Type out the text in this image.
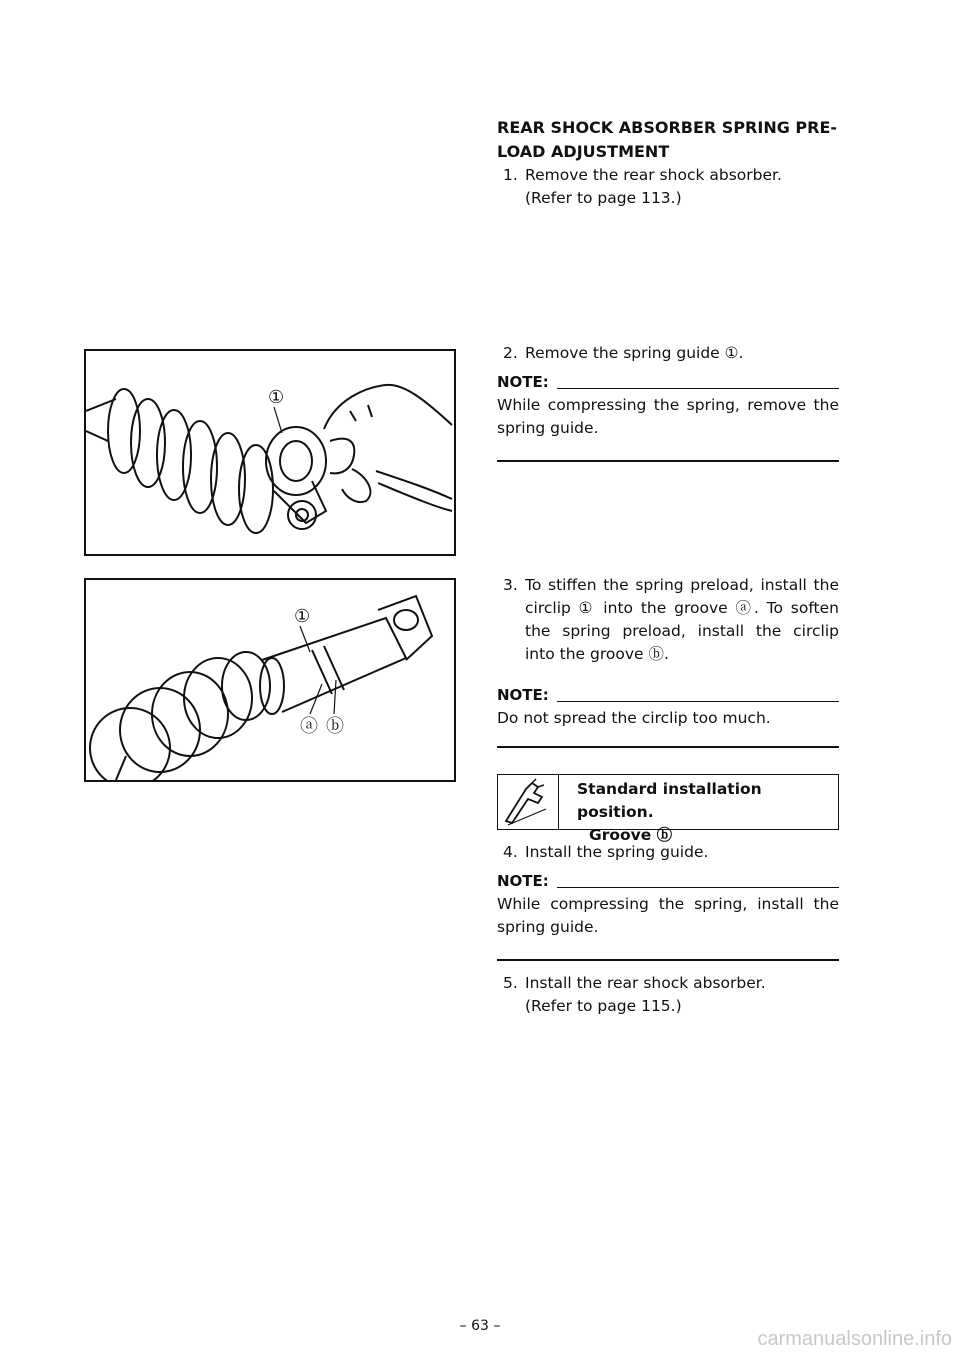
REAR SHOCK ABSORBER SPRING PRE-
LOAD ADJUSTMENT

1. Remove the rear shock absorber.
(Refer to page 113.)
2. Remove the spring guide ①.
NOTE:
While compressing the spring, remove the spring guide.
3. To stiffen the spring preload, install the circlip ① into the groove ⓐ. To soften the spring preload, install the circlip into the groove ⓑ.
NOTE:
Do not spread the circlip too much.
Standard installation position.
Groove ⓑ
4. Install the spring guide.
NOTE:
While compressing the spring, install the spring guide.
5. Install the rear shock absorber.
(Refer to page 115.)
①
①
ⓐ ⓑ
– 63 –
carmanualsonline.info
